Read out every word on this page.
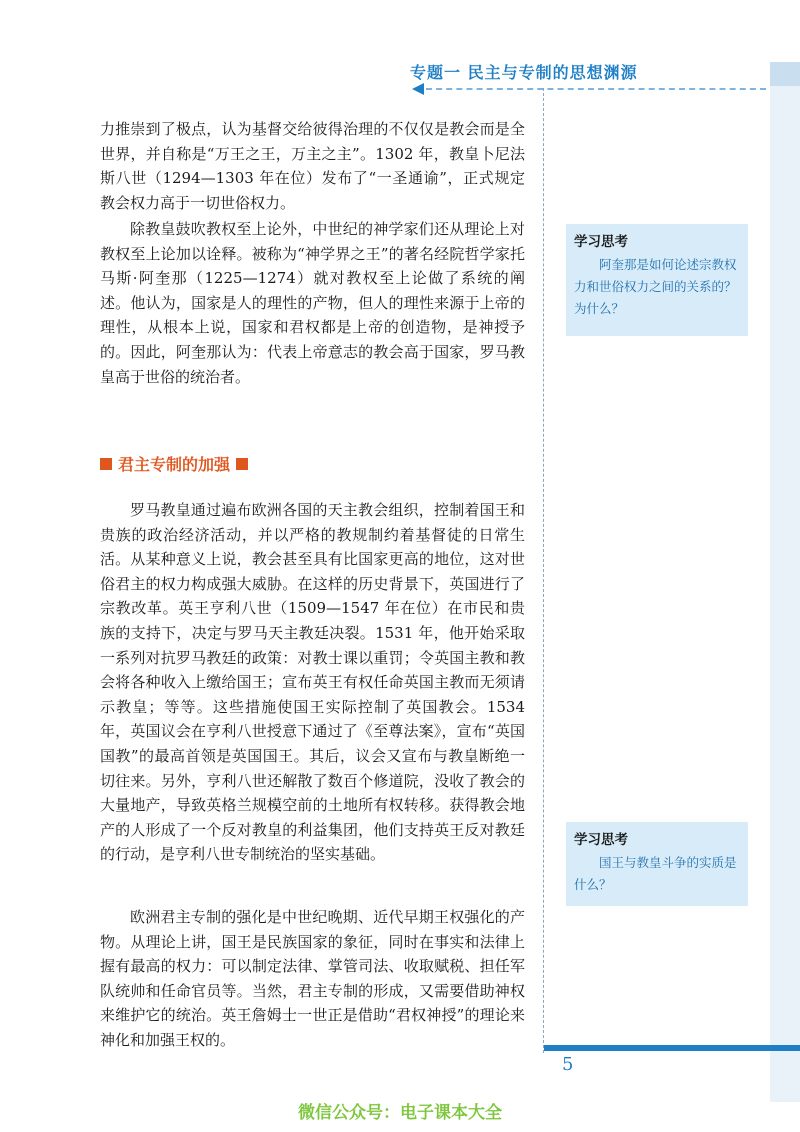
专题一 民主与专制的思想渊源

力推崇到了极点，认为基督交给彼得治理的不仅仅是教会而是全世界，并自称是“万王之王，万主之主”。1302 年，教皇卜尼法斯八世（1294—1303 年在位）发布了“一圣通谕”，正式规定教会权力高于一切世俗权力。

除教皇鼓吹教权至上论外，中世纪的神学家们还从理论上对教权至上论加以诠释。被称为“神学界之王”的著名经院哲学家托马斯·阿奎那（1225—1274）就对教权至上论做了系统的阐述。他认为，国家是人的理性的产物，但人的理性来源于上帝的理性，从根本上说，国家和君权都是上帝的创造物，是神授予的。因此，阿奎那认为：代表上帝意志的教会高于国家，罗马教皇高于世俗的统治者。

君主专制的加强

罗马教皇通过遍布欧洲各国的天主教会组织，控制着国王和贵族的政治经济活动，并以严格的教规制约着基督徒的日常生活。从某种意义上说，教会甚至具有比国家更高的地位，这对世俗君主的权力构成强大威胁。在这样的历史背景下，英国进行了宗教改革。英王亨利八世（1509—1547 年在位）在市民和贵族的支持下，决定与罗马天主教廷决裂。1531 年，他开始采取一系列对抗罗马教廷的政策：对教士课以重罚；令英国主教和教会将各种收入上缴给国王；宣布英王有权任命英国主教而无须请示教皇；等等。这些措施使国王实际控制了英国教会。1534 年，英国议会在亨利八世授意下通过了《至尊法案》，宣布“英国国教”的最高首领是英国国王。其后，议会又宣布与教皇断绝一切往来。另外，亨利八世还解散了数百个修道院，没收了教会的大量地产，导致英格兰规模空前的土地所有权转移。获得教会地产的人形成了一个反对教皇的利益集团，他们支持英王反对教廷的行动，是亨利八世专制统治的坚实基础。

欧洲君主专制的强化是中世纪晚期、近代早期王权强化的产物。从理论上讲，国王是民族国家的象征，同时在事实和法律上握有最高的权力：可以制定法律、掌管司法、收取赋税、担任军队统帅和任命官员等。当然，君主专制的形成，又需要借助神权来维护它的统治。英王詹姆士一世正是借助“君权神授”的理论来神化和加强王权的。

学习思考

阿奎那是如何论述宗教权力和世俗权力之间的关系的？为什么？

学习思考

国王与教皇斗争的实质是什么？

5
微信公众号：电子课本大全
